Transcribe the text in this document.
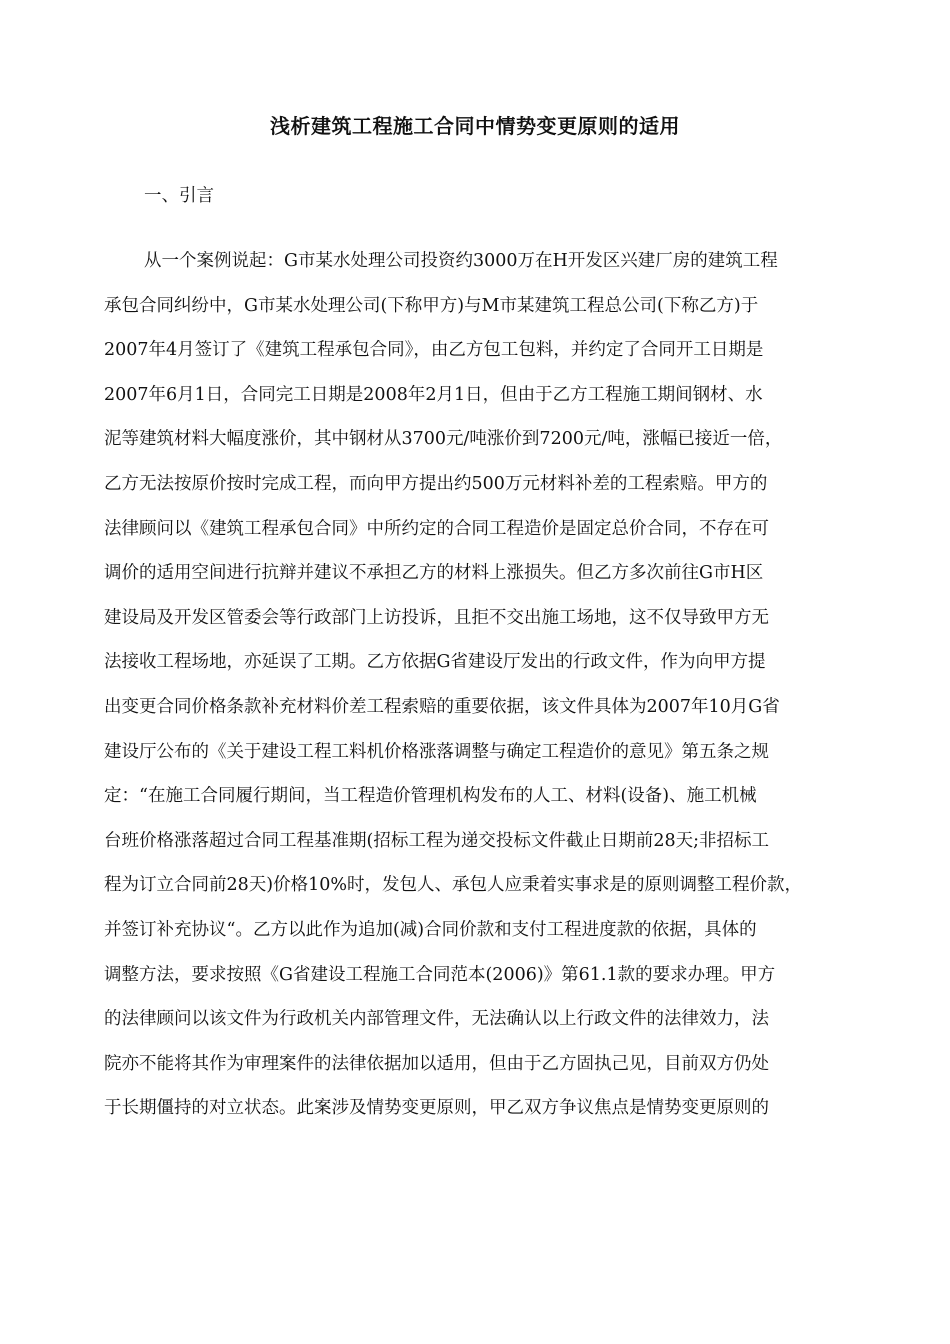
浅析建筑工程施工合同中情势变更原则的适用
一、引言
从一个案例说起：G市某水处理公司投资约3000万在H开发区兴建厂房的建筑工程
承包合同纠纷中，G市某水处理公司(下称甲方)与M市某建筑工程总公司(下称乙方)于
2007年4月签订了《建筑工程承包合同》，由乙方包工包料，并约定了合同开工日期是
2007年6月1日，合同完工日期是2008年2月1日，但由于乙方工程施工期间钢材、水
泥等建筑材料大幅度涨价，其中钢材从3700元/吨涨价到7200元/吨，涨幅已接近一倍，
乙方无法按原价按时完成工程，而向甲方提出约500万元材料补差的工程索赔。甲方的
法律顾问以《建筑工程承包合同》中所约定的合同工程造价是固定总价合同，不存在可
调价的适用空间进行抗辩并建议不承担乙方的材料上涨损失。但乙方多次前往G市H区
建设局及开发区管委会等行政部门上访投诉，且拒不交出施工场地，这不仅导致甲方无
法接收工程场地，亦延误了工期。乙方依据G省建设厅发出的行政文件，作为向甲方提
出变更合同价格条款补充材料价差工程索赔的重要依据，该文件具体为2007年10月G省
建设厅公布的《关于建设工程工料机价格涨落调整与确定工程造价的意见》第五条之规
定：“在施工合同履行期间，当工程造价管理机构发布的人工、材料(设备)、施工机械
台班价格涨落超过合同工程基准期(招标工程为递交投标文件截止日期前28天;非招标工
程为订立合同前28天)价格10%时，发包人、承包人应秉着实事求是的原则调整工程价款，
并签订补充协议“。乙方以此作为追加(减)合同价款和支付工程进度款的依据，具体的
调整方法，要求按照《G省建设工程施工合同范本(2006)》第61.1款的要求办理。甲方
的法律顾问以该文件为行政机关内部管理文件，无法确认以上行政文件的法律效力，法
院亦不能将其作为审理案件的法律依据加以适用，但由于乙方固执己见，目前双方仍处
于长期僵持的对立状态。此案涉及情势变更原则，甲乙双方争议焦点是情势变更原则的
